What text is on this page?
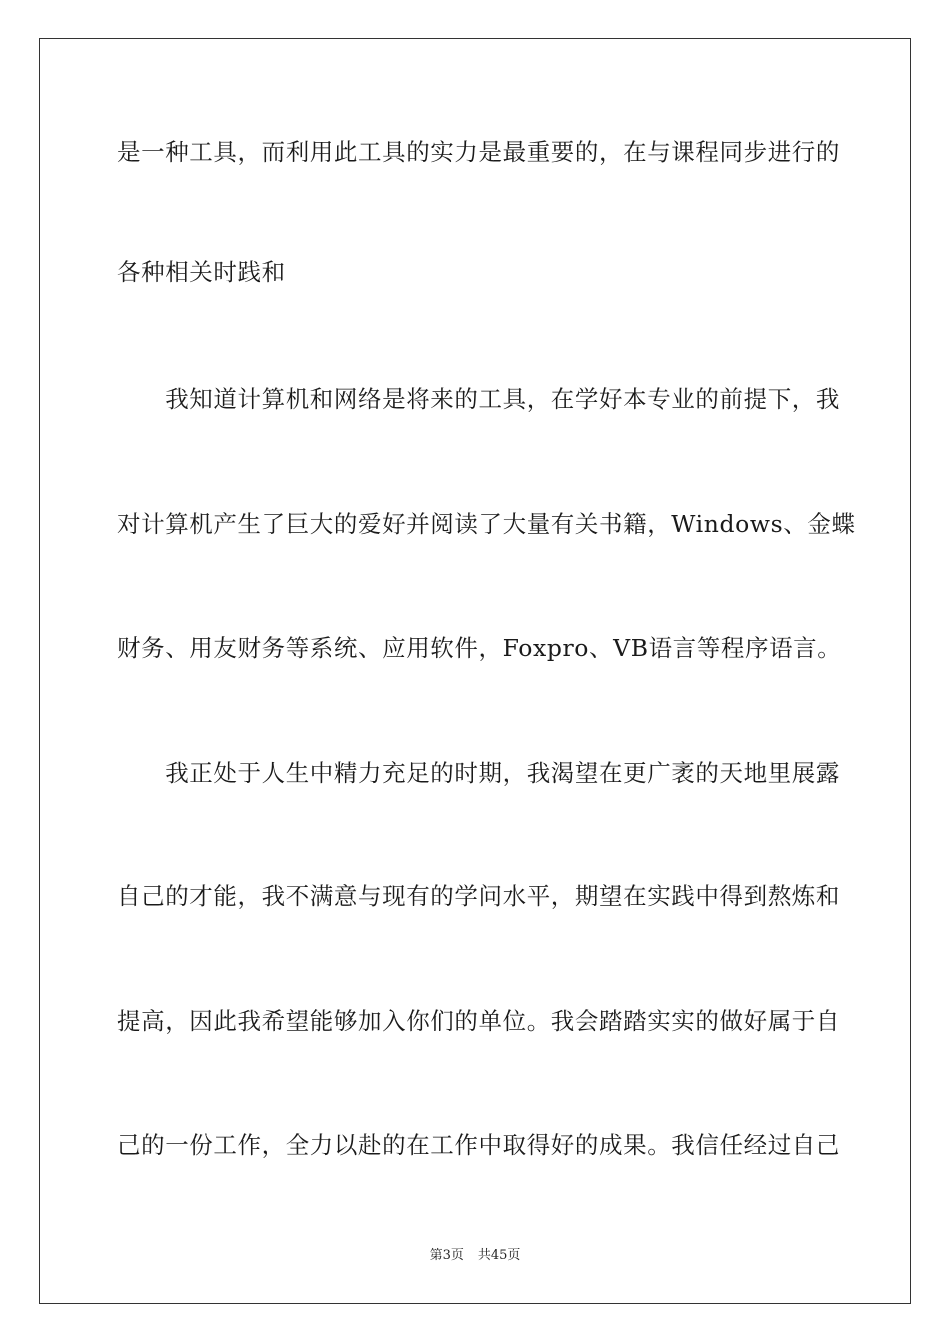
是一种工具，而利用此工具的实力是最重要的，在与课程同步进行的
各种相关时践和
　　我知道计算机和网络是将来的工具，在学好本专业的前提下，我
对计算机产生了巨大的爱好并阅读了大量有关书籍，Windows、金蝶
财务、用友财务等系统、应用软件，Foxpro、VB语言等程序语言。
　　我正处于人生中精力充足的时期，我渴望在更广袤的天地里展露
自己的才能，我不满意与现有的学问水平，期望在实践中得到熬炼和
提高，因此我希望能够加入你们的单位。我会踏踏实实的做好属于自
己的一份工作，全力以赴的在工作中取得好的成果。我信任经过自己
第3页 共45页
